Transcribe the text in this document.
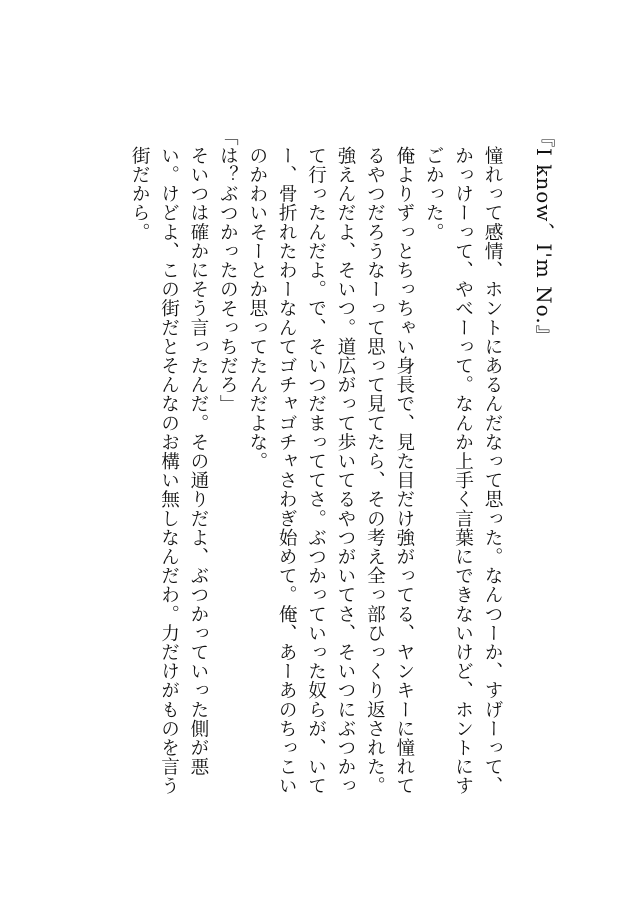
『I know、I'm No.』

憧れって感情、ホントにあるんだなって思った。なんつーか、すげーって、かっけーって、やべーって。なんか上手く言葉にできないけど、ホントにすごかった。

俺よりずっとちっちゃい身長で、見た目だけ強がってる、ヤンキーに憧れてるやつだろうなーって思って見てたら、その考え全っ部ひっくり返された。

強えんだよ、そいつ。道広がって歩いてるやつがいてさ、そいつにぶつかって行ったんだよ。で、そいつだまっててさ。ぶつかっていった奴らが、いてー、骨折れたわーなんてゴチャゴチャさわぎ始めて。俺、あーあのちっこいのかわいそーとか思ってたんだよな。

「は？ぶつかったのそっちだろ」

そいつは確かにそう言ったんだ。その通りだよ、ぶつかっていった側が悪い。けどよ、この街だとそんなのお構い無しなんだわ。力だけがものを言う街だから。
